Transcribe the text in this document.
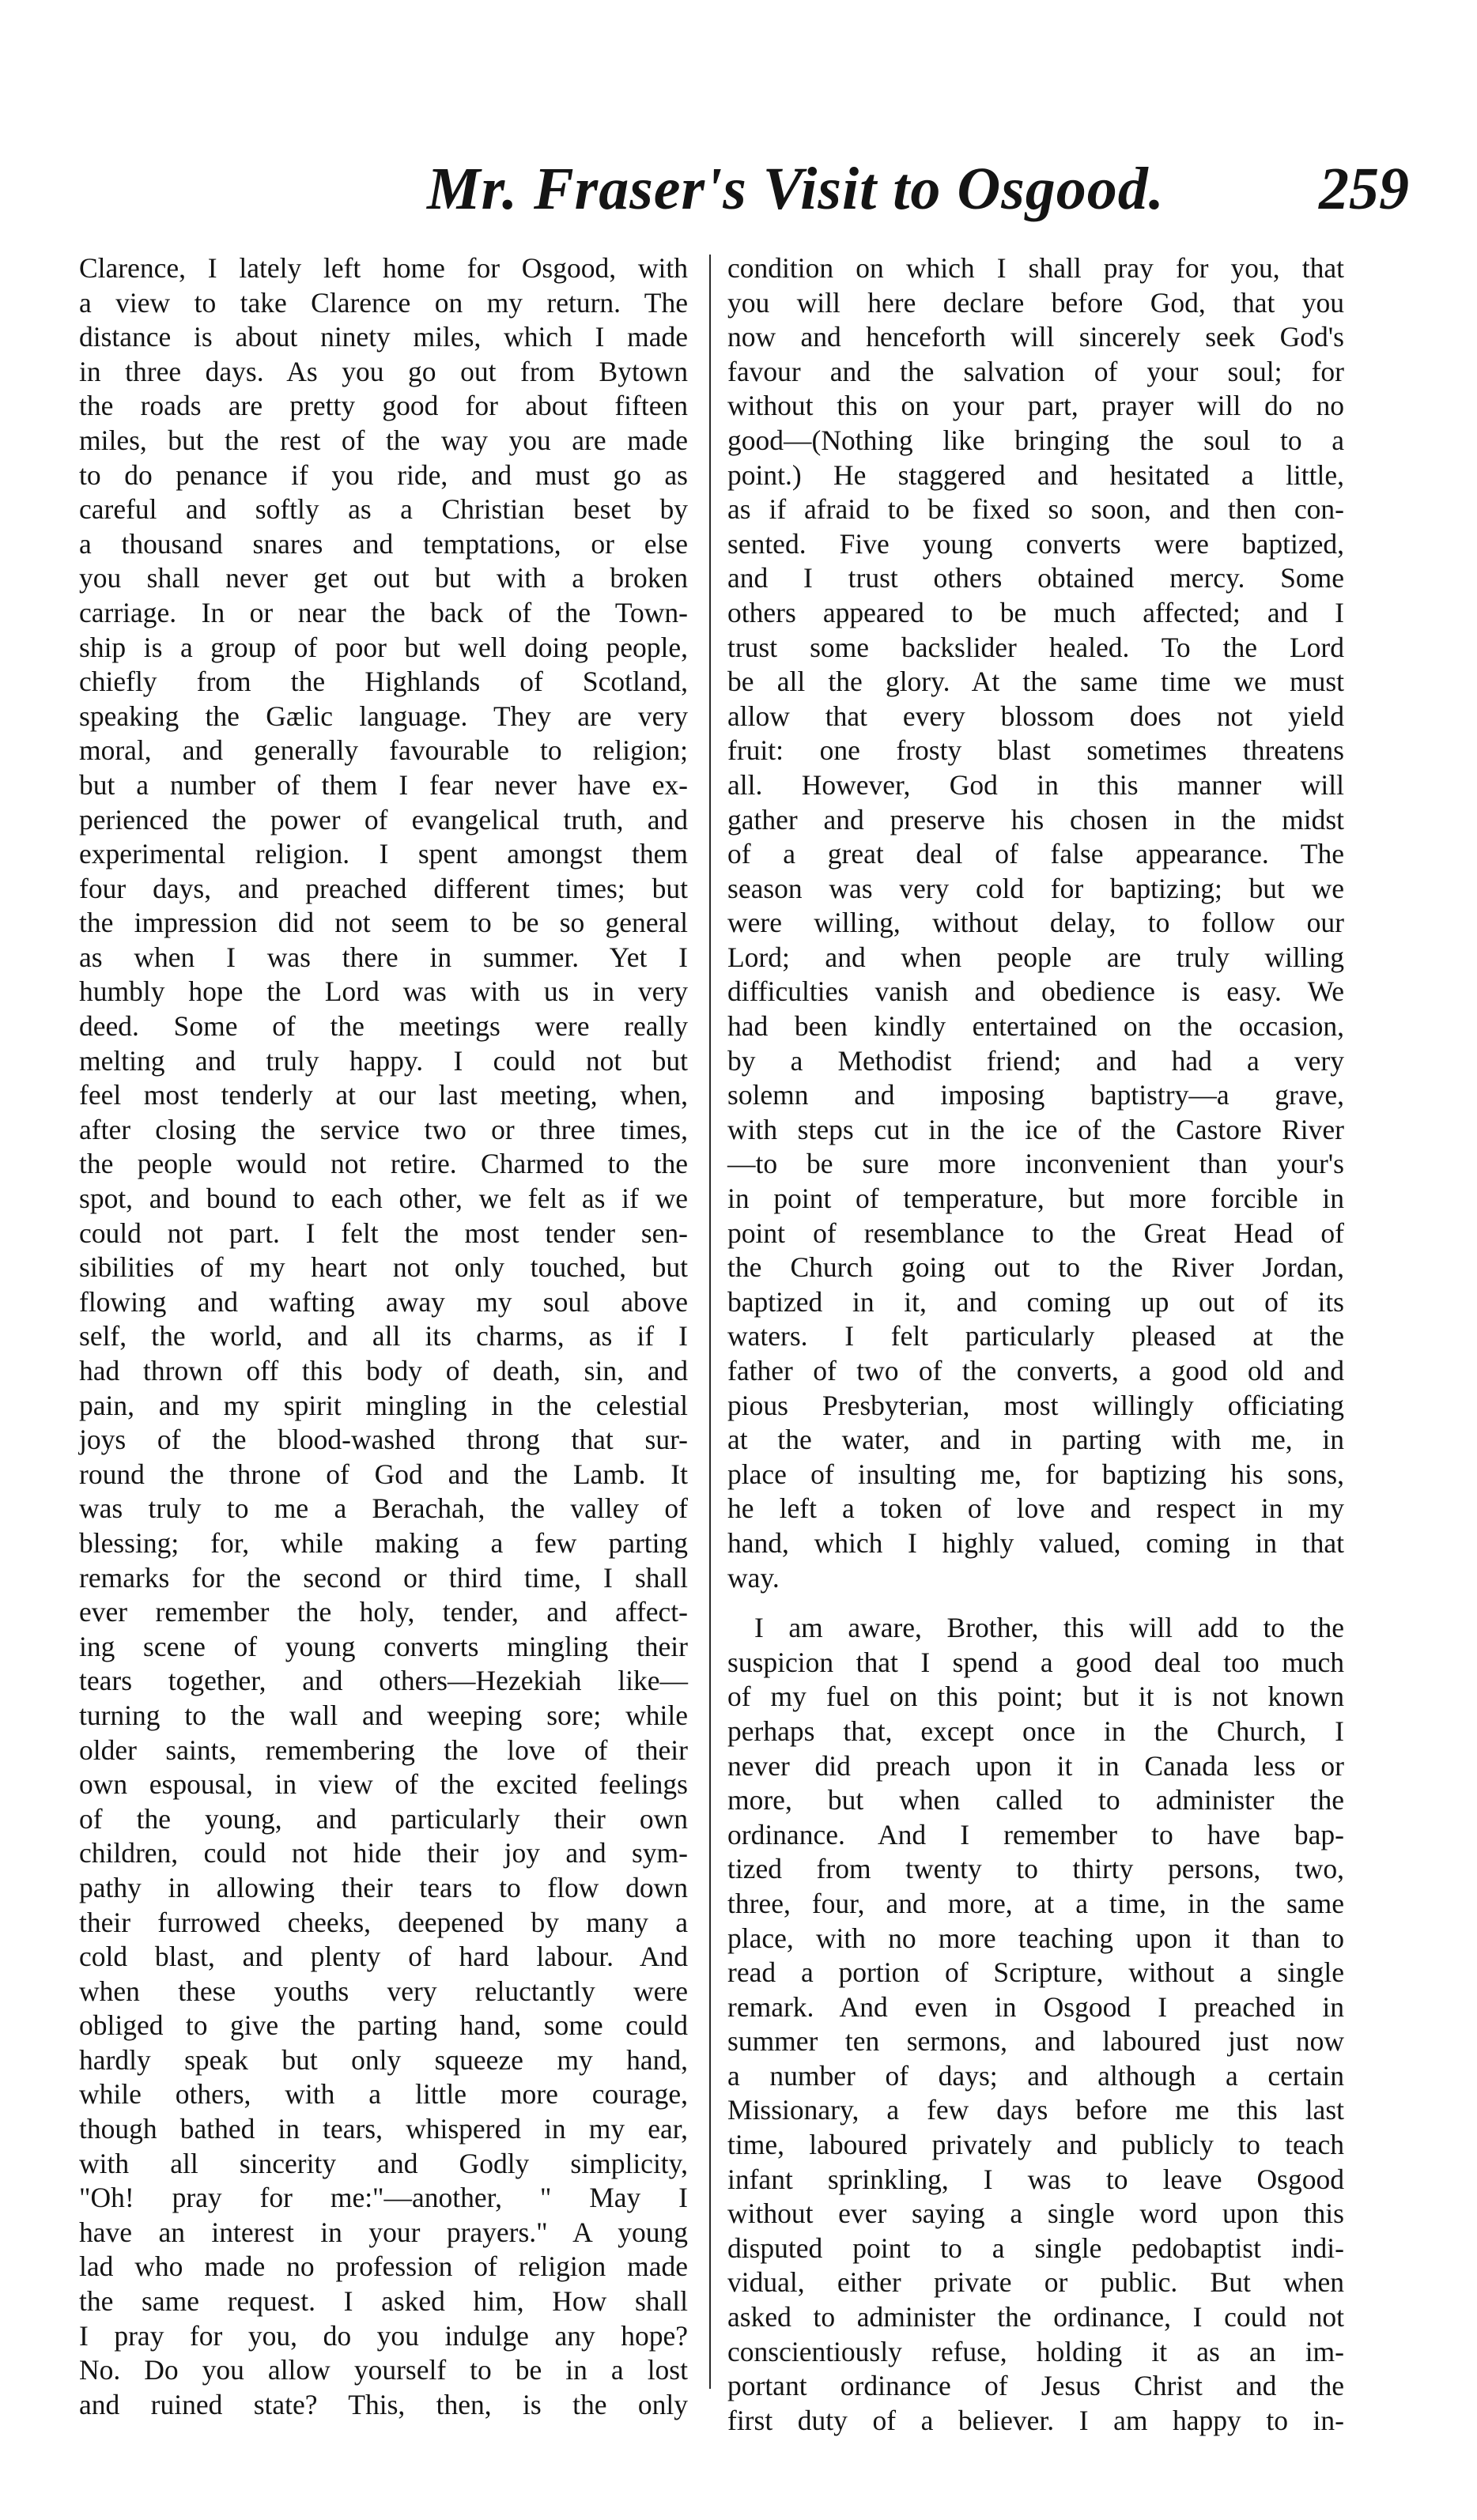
Mr. Fraser's Visit to Osgood.	259
Clarence, I lately left home for Osgood, with
a view to take Clarence on my return. The
distance is about ninety miles, which I made
in three days. As you go out from Bytown
the roads are pretty good for about fifteen
miles, but the rest of the way you are made
to do penance if you ride, and must go as
careful and softly as a Christian beset by
a thousand snares and temptations, or else
you shall never get out but with a broken
carriage. In or near the back of the Town-
ship is a group of poor but well doing people,
chiefly from the Highlands of Scotland,
speaking the Gælic language. They are very
moral, and generally favourable to religion;
but a number of them I fear never have ex-
perienced the power of evangelical truth, and
experimental religion. I spent amongst them
four days, and preached different times; but
the impression did not seem to be so general
as when I was there in summer. Yet I
humbly hope the Lord was with us in very
deed. Some of the meetings were really
melting and truly happy. I could not but
feel most tenderly at our last meeting, when,
after closing the service two or three times,
the people would not retire. Charmed to the
spot, and bound to each other, we felt as if we
could not part. I felt the most tender sen-
sibilities of my heart not only touched, but
flowing and wafting away my soul above
self, the world, and all its charms, as if I
had thrown off this body of death, sin, and
pain, and my spirit mingling in the celestial
joys of the blood-washed throng that sur-
round the throne of God and the Lamb. It
was truly to me a Berachah, the valley of
blessing; for, while making a few parting
remarks for the second or third time, I shall
ever remember the holy, tender, and affect-
ing scene of young converts mingling their
tears together, and others—Hezekiah like—
turning to the wall and weeping sore; while
older saints, remembering the love of their
own espousal, in view of the excited feelings
of the young, and particularly their own
children, could not hide their joy and sym-
pathy in allowing their tears to flow down
their furrowed cheeks, deepened by many a
cold blast, and plenty of hard labour. And
when these youths very reluctantly were
obliged to give the parting hand, some could
hardly speak but only squeeze my hand,
while others, with a little more courage,
though bathed in tears, whispered in my ear,
with all sincerity and Godly simplicity,
"Oh! pray for me:"—another, " May I
have an interest in your prayers." A young
lad who made no profession of religion made
the same request. I asked him, How shall
I pray for you, do you indulge any hope?
No. Do you allow yourself to be in a lost
and ruined state? This, then, is the only
condition on which I shall pray for you, that
you will here declare before God, that you
now and henceforth will sincerely seek God's
favour and the salvation of your soul; for
without this on your part, prayer will do no
good—(Nothing like bringing the soul to a
point.) He staggered and hesitated a little,
as if afraid to be fixed so soon, and then con-
sented. Five young converts were baptized,
and I trust others obtained mercy. Some
others appeared to be much affected; and I
trust some backslider healed. To the Lord
be all the glory. At the same time we must
allow that every blossom does not yield
fruit: one frosty blast sometimes threatens
all. However, God in this manner will
gather and preserve his chosen in the midst
of a great deal of false appearance. The
season was very cold for baptizing; but we
were willing, without delay, to follow our
Lord; and when people are truly willing
difficulties vanish and obedience is easy. We
had been kindly entertained on the occasion,
by a Methodist friend; and had a very
solemn and imposing baptistry—a grave,
with steps cut in the ice of the Castore River
—to be sure more inconvenient than your's
in point of temperature, but more forcible in
point of resemblance to the Great Head of
the Church going out to the River Jordan,
baptized in it, and coming up out of its
waters. I felt particularly pleased at the
father of two of the converts, a good old and
pious Presbyterian, most willingly officiating
at the water, and in parting with me, in
place of insulting me, for baptizing his sons,
he left a token of love and respect in my
hand, which I highly valued, coming in that
way.
I am aware, Brother, this will add to the
suspicion that I spend a good deal too much
of my fuel on this point; but it is not known
perhaps that, except once in the Church, I
never did preach upon it in Canada less or
more, but when called to administer the
ordinance. And I remember to have bap-
tized from twenty to thirty persons, two,
three, four, and more, at a time, in the same
place, with no more teaching upon it than to
read a portion of Scripture, without a single
remark. And even in Osgood I preached in
summer ten sermons, and laboured just now
a number of days; and although a certain
Missionary, a few days before me this last
time, laboured privately and publicly to teach
infant sprinkling, I was to leave Osgood
without ever saying a single word upon this
disputed point to a single pedobaptist indi-
vidual, either private or public. But when
asked to administer the ordinance, I could not
conscientiously refuse, holding it as an im-
portant ordinance of Jesus Christ and the
first duty of a believer. I am happy to in-
